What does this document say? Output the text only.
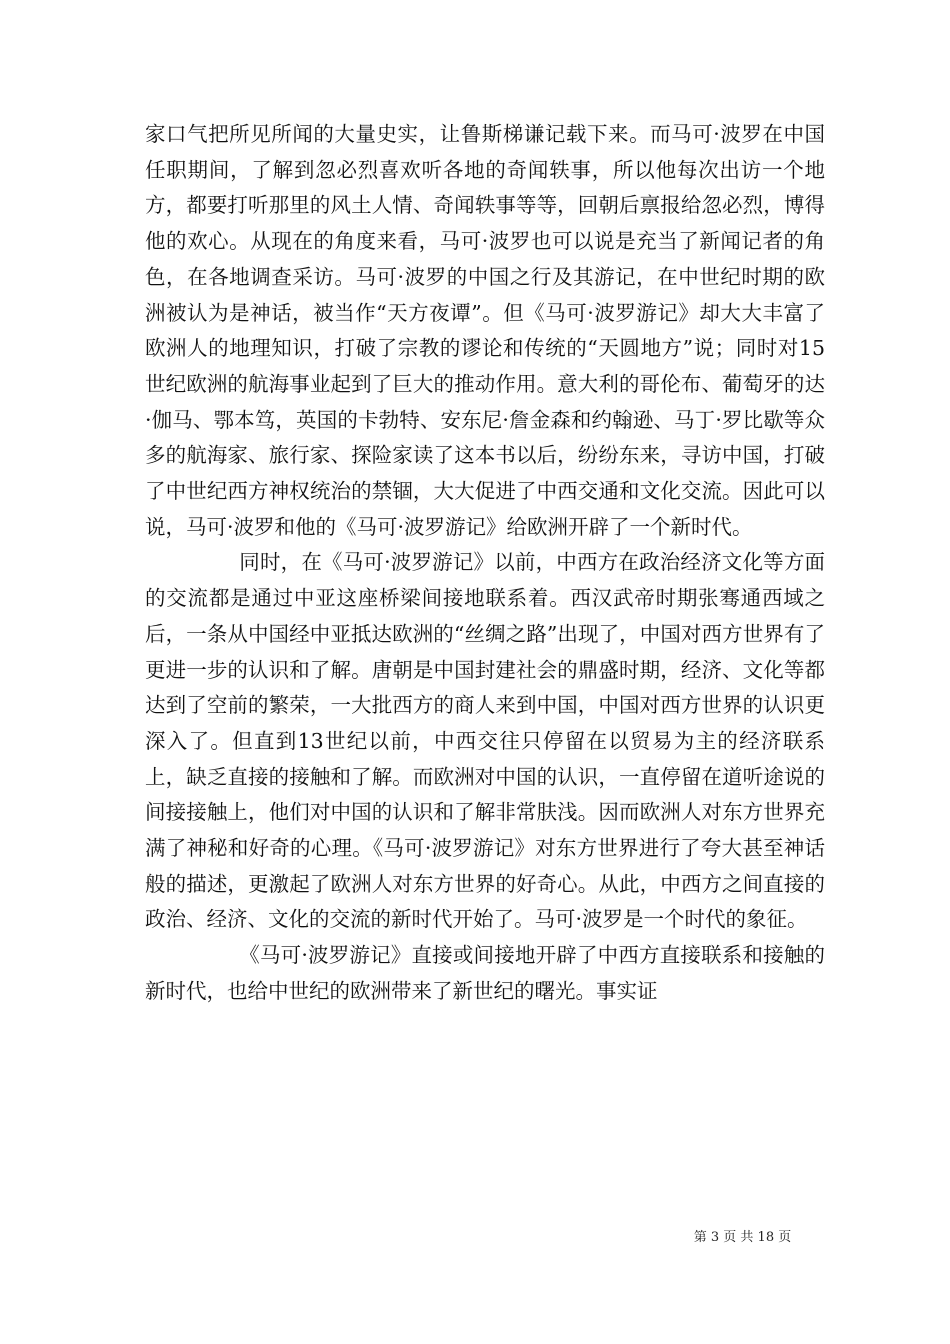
家口气把所见所闻的大量史实，让鲁斯梯谦记载下来。而马可·波罗在中国任职期间，了解到忽必烈喜欢听各地的奇闻轶事，所以他每次出访一个地方，都要打听那里的风土人情、奇闻轶事等等，回朝后禀报给忽必烈，博得他的欢心。从现在的角度来看，马可·波罗也可以说是充当了新闻记者的角色，在各地调查采访。马可·波罗的中国之行及其游记，在中世纪时期的欧洲被认为是神话，被当作“天方夜谭”。但《马可·波罗游记》却大大丰富了欧洲人的地理知识，打破了宗教的谬论和传统的“天圆地方”说；同时对15世纪欧洲的航海事业起到了巨大的推动作用。意大利的哥伦布、葡萄牙的达·伽马、鄂本笃，英国的卡勃特、安东尼·詹金森和约翰逊、马丁·罗比歇等众多的航海家、旅行家、探险家读了这本书以后，纷纷东来，寻访中国，打破了中世纪西方神权统治的禁锢，大大促进了中西交通和文化交流。因此可以说，马可·波罗和他的《马可·波罗游记》给欧洲开辟了一个新时代。

同时，在《马可·波罗游记》以前，中西方在政治经济文化等方面的交流都是通过中亚这座桥梁间接地联系着。西汉武帝时期张骞通西域之后，一条从中国经中亚抵达欧洲的“丝绸之路”出现了，中国对西方世界有了更进一步的认识和了解。唐朝是中国封建社会的鼎盛时期，经济、文化等都达到了空前的繁荣，一大批西方的商人来到中国，中国对西方世界的认识更深入了。但直到13世纪以前，中西交往只停留在以贸易为主的经济联系上，缺乏直接的接触和了解。而欧洲对中国的认识，一直停留在道听途说的间接接触上，他们对中国的认识和了解非常肤浅。因而欧洲人对东方世界充满了神秘和好奇的心理。《马可·波罗游记》对东方世界进行了夸大甚至神话般的描述，更激起了欧洲人对东方世界的好奇心。从此，中西方之间直接的政治、经济、文化的交流的新时代开始了。马可·波罗是一个时代的象征。

《马可·波罗游记》直接或间接地开辟了中西方直接联系和接触的新时代，也给中世纪的欧洲带来了新世纪的曙光。事实证

第 3 页 共 18 页
